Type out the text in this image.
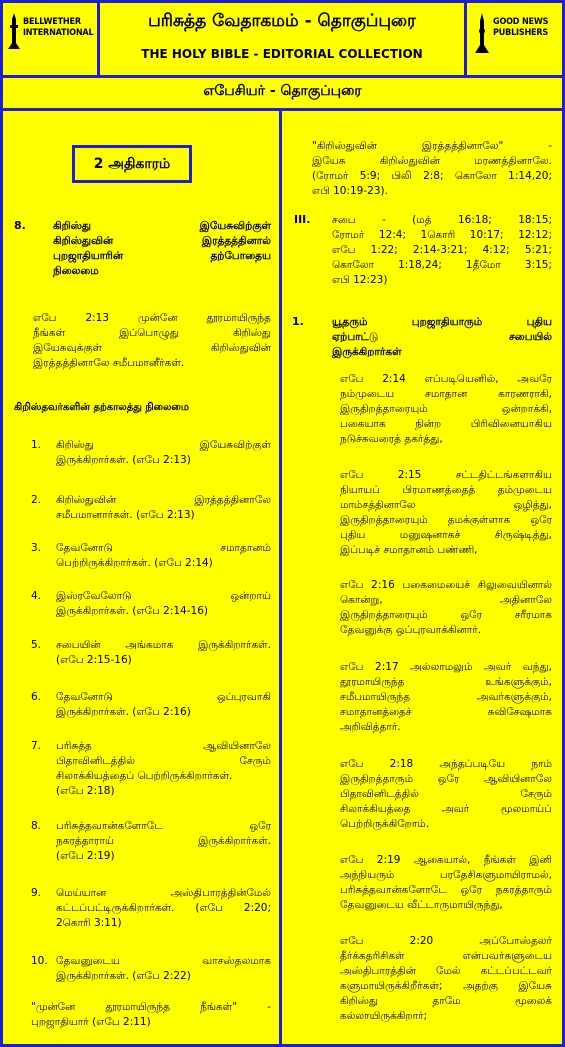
BELLWETHER
INTERNATIONAL
பரிசுத்த வேதாகமம் - தொகுப்புரை
THE HOLY BIBLE - EDITORIAL COLLECTION
GOOD NEWS
PUBLISHERS
எபேசியர் - தொகுப்புரை
2 அதிகாரம்
8.	கிறிஸ்து இயேசுவிற்குள்
கிறிஸ்துவின் இரத்தத்தினால்
புறஜாதியாரின் தற்போதைய
நிலைமை
எபே 2:13 முன்னே தூரமாயிருந்த
நீங்கள் இப்பொழுது கிறிஸ்து
இயேசுவுக்குள் கிறிஸ்துவின்
இரத்தத்தினாலே சமீபமானீர்கள்.
கிறிஸ்தவர்களின் தற்காலத்து நிலைமை
1. கிறிஸ்து இயேசுவிற்குள்
இருக்கிறார்கள். (எபே 2:13)
2. கிறிஸ்துவின் இரத்தத்தினாலே
சமீபமானார்கள். (எபே 2:13)
3. தேவனோடு சமாதானம்
பெற்றிருக்கிறார்கள். (எபே 2:14)
4. இஸ்ரவேலோடு ஒன்றாய்
இருக்கிறார்கள். (எபே 2:14-16)
5. சபையின் அங்கமாக இருக்கிறார்கள்.
(எபே 2:15-16)
6. தேவனோடு ஒப்புரவாகி
இருக்கிறார்கள். (எபே 2:16)
7. பரிசுத்த ஆவியினாலே
பிதாவினிடத்தில் சேரும்
சிலாக்கியத்தைப் பெற்றிருக்கிறார்கள்.
(எபே 2:18)
8. பரிசுத்தவான்களோடே ஒரே
நகரத்தாராய் இருக்கிறார்கள்.
(எபே 2:19)
9. மெய்யான அஸ்திபாரத்தின்மேல்
கட்டப்பட்டிருக்கிறார்கள். (எபே 2:20;
2கொரி 3:11)
10. தேவனுடைய வாசஸ்தலமாக
இருக்கிறார்கள். (எபே 2:22)
"முன்னே தூரமாயிருந்த நீங்கள்" -
புறஜாதியார் (எபே 2:11)
"கிறிஸ்துவின் இரத்தத்தினாலே" -
இயேசு கிறிஸ்துவின் மரணத்தினாலே.
(ரோமர் 5:9; பிலி 2:8; கொலோ 1:14,20;
எபி 10:19-23).
III. சபை - (மத் 16:18; 18:15;
ரோமர் 12:4; 1கொரி 10:17; 12:12;
எபே 1:22; 2:14-3:21; 4:12; 5:21;
கொலோ 1:18,24; 1தீமோ 3:15;
எபி 12:23)
1.	யூதரும் புறஜாதியாரும் புதிய
ஏற்பாட்டு சபையில்
இருக்கிறார்கள்
எபே 2:14 எப்படியெனில், அவரே
நம்முடைய சமாதான காரணராகி,
இருதிறத்தாரையும் ஒன்றாக்கி,
பகையாக நின்ற பிரிவினையாகிய
நடுச்சுவரைத் தகர்த்து,
எபே 2:15 சட்டதிட்டங்களாகிய
நியாயப் பிரமாணத்தைத் தம்முடைய
மாம்சத்தினாலே ஒழித்து,
இருதிறத்தாரையும் தமக்குள்ளாக ஒரே
புதிய மனுஷனாகச் சிருஷ்டித்து,
இப்படிச் சமாதானம் பண்ணி,
எபே 2:16 பகைமையைச் சிலுவையினால்
கொன்று, அதினாலே
இருதிறத்தாரையும் ஒரே சரீரமாக
தேவனுக்கு ஒப்புரவாக்கினார்.
எபே 2:17 அல்லாமலும் அவர் வந்து,
தூரமாயிருந்த உங்களுக்கும்,
சமீபமாயிருந்த அவர்களுக்கும்,
சமாதானத்தைச் சுவிசேஷமாக
அறிவித்தார்.
எபே 2:18 அந்தப்படியே நாம்
இருதிறத்தாரும் ஒரே ஆவியினாலே
பிதாவினிடத்தில் சேரும்
சிலாக்கியத்தை அவர் மூலமாய்ப்
பெற்றிருக்கிறோம்.
எபே 2:19 ஆகையால், நீங்கள் இனி
அந்நியரும் பரதேசிகளுமாயிராமல்,
பரிசுத்தவான்களோடே ஒரே நகரத்தாரும்
தேவனுடைய வீட்டாருமாயிருந்து,
எபே 2:20 அப்போஸ்தலர்
தீர்க்கதரிசிகள் என்பவர்களுடைய
அஸ்திபாரத்தின் மேல் கட்டப்பட்டவர்
களுமாயிருக்கிறீர்கள்; அதற்கு இயேசு
கிறிஸ்து தாமே மூலைக்
கல்லாயிருக்கிறார்;
